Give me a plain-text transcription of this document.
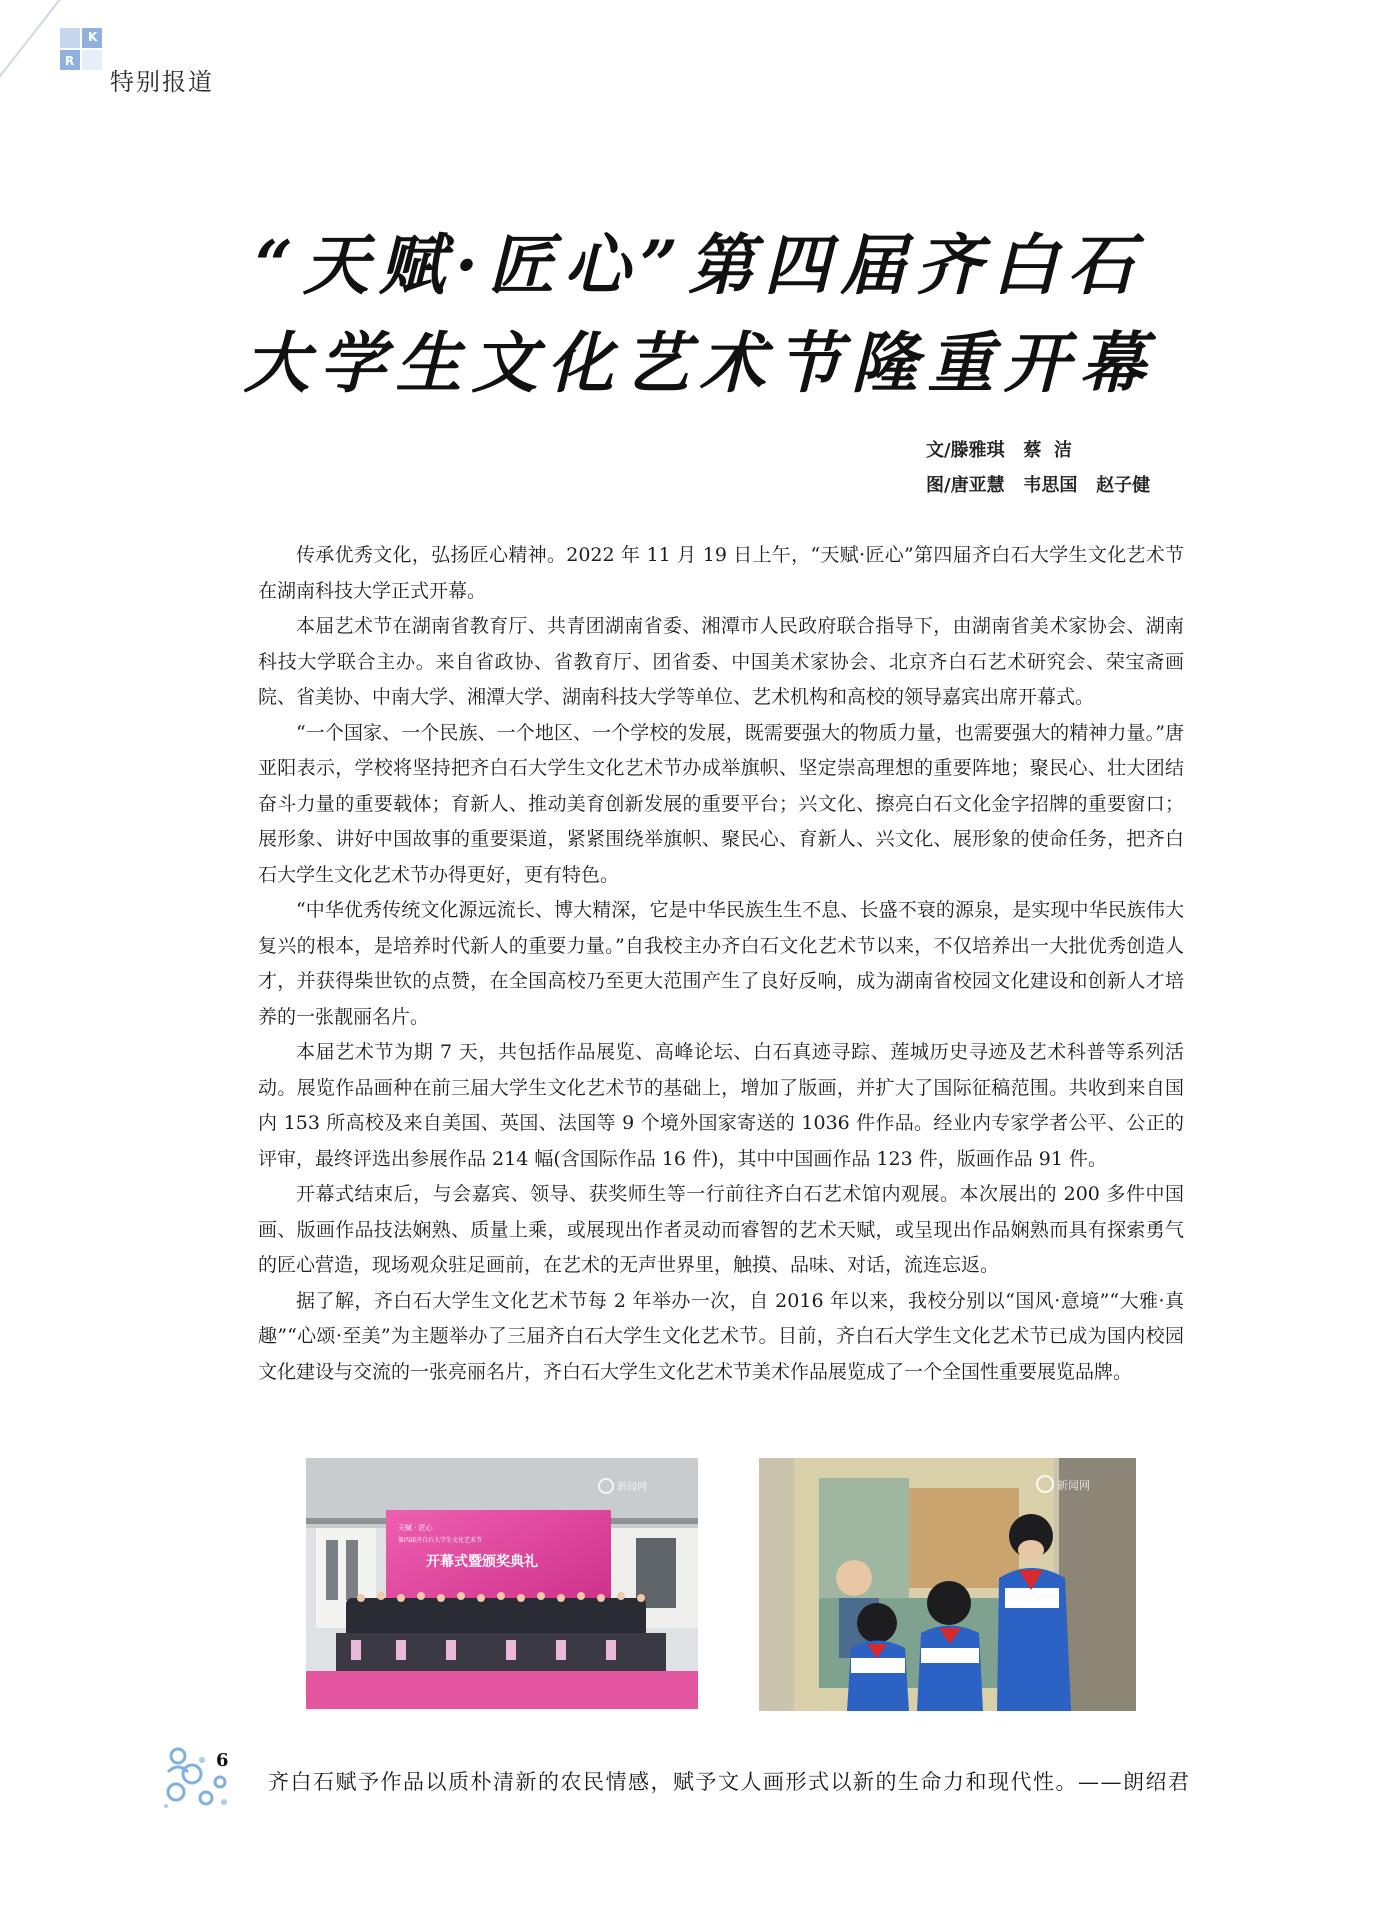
K
R
特别报道
“天赋·匠心”第四届齐白石
大学生文化艺术节隆重开幕
文/滕雅琪   蔡  洁
图/唐亚慧   韦思国   赵子健

传承优秀文化，弘扬匠心精神。2022 年 11 月 19 日上午，“天赋·匠心”第四届齐白石大学生文化艺术节在湖南科技大学正式开幕。

本届艺术节在湖南省教育厅、共青团湖南省委、湘潭市人民政府联合指导下，由湖南省美术家协会、湖南科技大学联合主办。来自省政协、省教育厅、团省委、中国美术家协会、北京齐白石艺术研究会、荣宝斋画院、省美协、中南大学、湘潭大学、湖南科技大学等单位、艺术机构和高校的领导嘉宾出席开幕式。

“一个国家、一个民族、一个地区、一个学校的发展，既需要强大的物质力量，也需要强大的精神力量。”唐亚阳表示，学校将坚持把齐白石大学生文化艺术节办成举旗帜、坚定崇高理想的重要阵地；聚民心、壮大团结奋斗力量的重要载体；育新人、推动美育创新发展的重要平台；兴文化、擦亮白石文化金字招牌的重要窗口；展形象、讲好中国故事的重要渠道，紧紧围绕举旗帜、聚民心、育新人、兴文化、展形象的使命任务，把齐白石大学生文化艺术节办得更好，更有特色。

“中华优秀传统文化源远流长、博大精深，它是中华民族生生不息、长盛不衰的源泉，是实现中华民族伟大复兴的根本，是培养时代新人的重要力量。”自我校主办齐白石文化艺术节以来，不仅培养出一大批优秀创造人才，并获得柴世钦的点赞，在全国高校乃至更大范围产生了良好反响，成为湖南省校园文化建设和创新人才培养的一张靓丽名片。

本届艺术节为期 7 天，共包括作品展览、高峰论坛、白石真迹寻踪、莲城历史寻迹及艺术科普等系列活动。展览作品画种在前三届大学生文化艺术节的基础上，增加了版画，并扩大了国际征稿范围。共收到来自国内 153 所高校及来自美国、英国、法国等 9 个境外国家寄送的 1036 件作品。经业内专家学者公平、公正的评审，最终评选出参展作品 214 幅(含国际作品 16 件)，其中中国画作品 123 件，版画作品 91 件。

开幕式结束后，与会嘉宾、领导、获奖师生等一行前往齐白石艺术馆内观展。本次展出的 200 多件中国画、版画作品技法娴熟、质量上乘，或展现出作者灵动而睿智的艺术天赋，或呈现出作品娴熟而具有探索勇气的匠心营造，现场观众驻足画前，在艺术的无声世界里，触摸、品味、对话，流连忘返。

据了解，齐白石大学生文化艺术节每 2 年举办一次，自 2016 年以来，我校分别以“国风·意境”“大雅·真趣”“心颂·至美”为主题举办了三届齐白石大学生文化艺术节。目前，齐白石大学生文化艺术节已成为国内校园文化建设与交流的一张亮丽名片，齐白石大学生文化艺术节美术作品展览成了一个全国性重要展览品牌。

天赋 · 匠心
第四届齐白石大学生文化艺术节
开幕式暨颁奖典礼
新闻网	新闻网
6
齐白石赋予作品以质朴清新的农民情感，赋予文人画形式以新的生命力和现代性。——朗绍君
